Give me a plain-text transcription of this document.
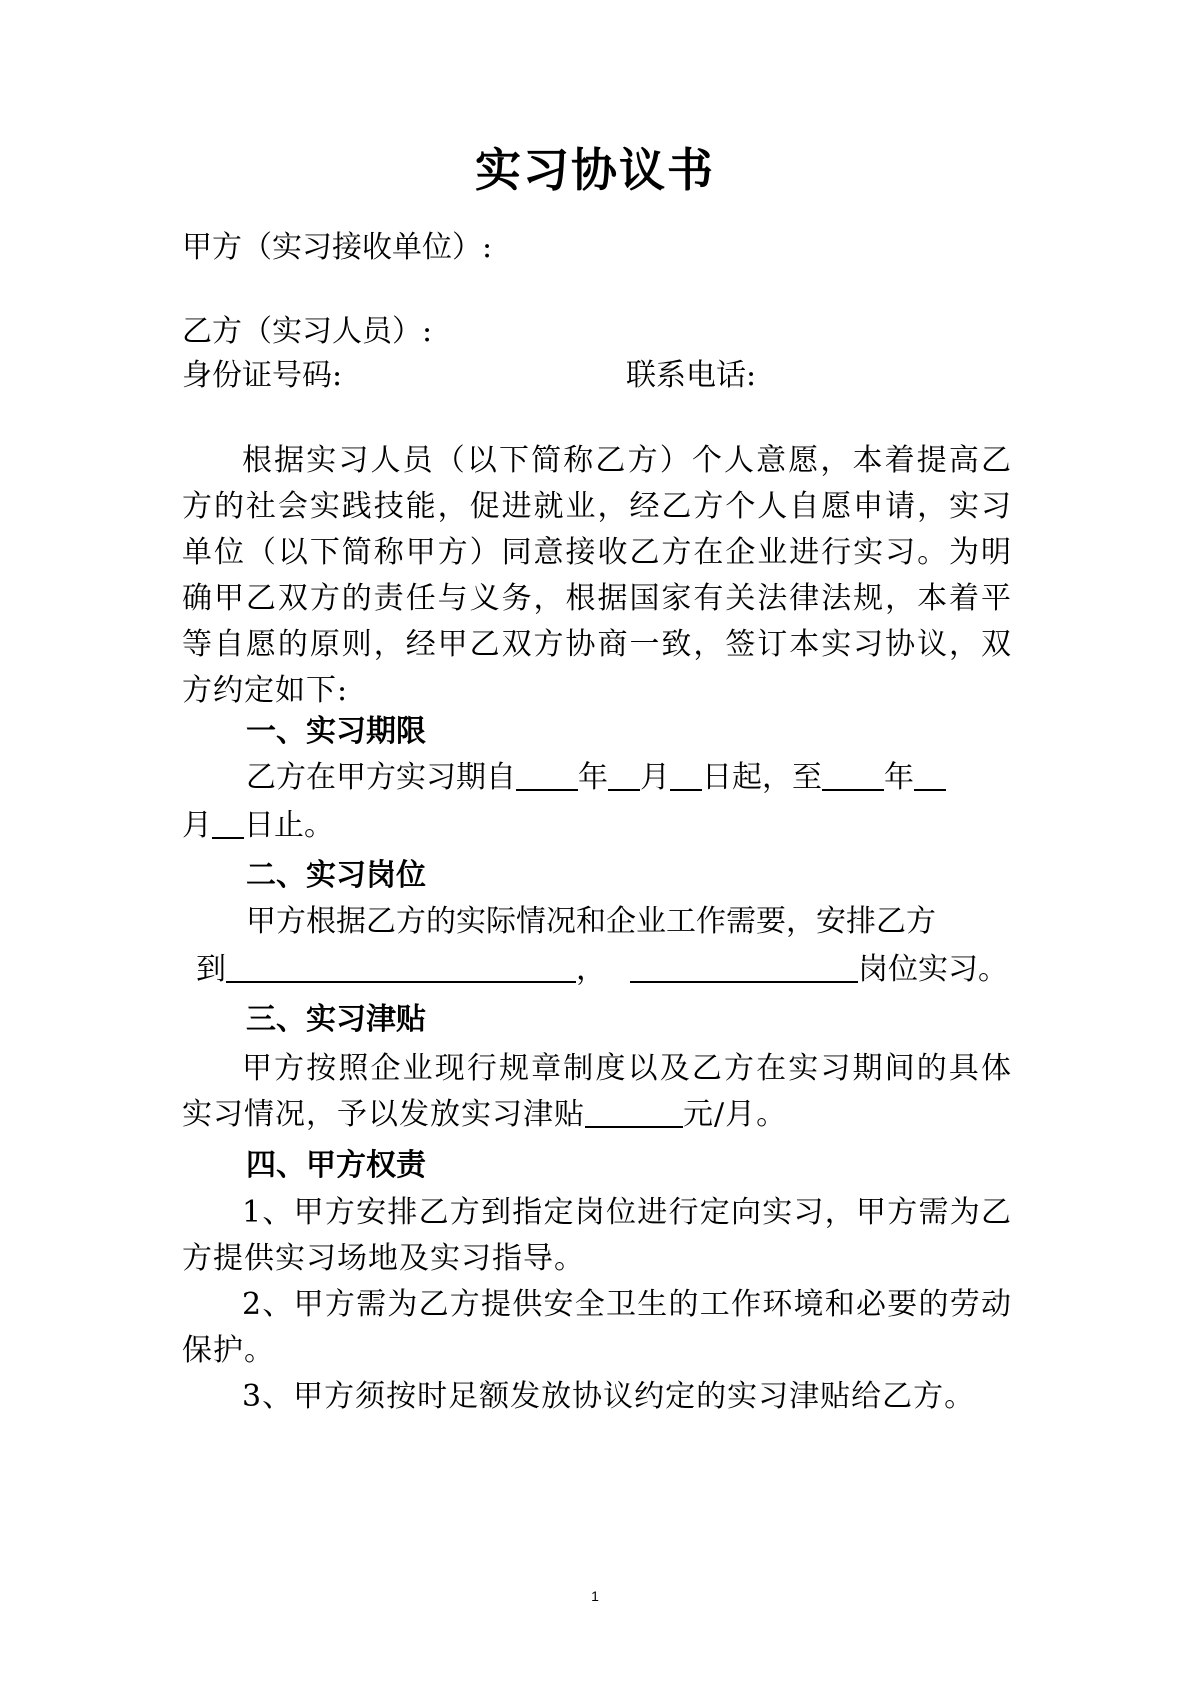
实习协议书
甲方（实习接收单位）:
乙方（实习人员）:
身份证号码:	联系电话:
根据实习人员（以下简称乙方）个人意愿，本着提高乙方的社会实践技能，促进就业，经乙方个人自愿申请，实习单位（以下简称甲方）同意接收乙方在企业进行实习。为明确甲乙双方的责任与义务，根据国家有关法律法规，本着平等自愿的原则，经甲乙双方协商一致，签订本实习协议，双方约定如下:
一、实习期限
乙方在甲方实习期自 年 月 日起，至 年
月 日止。
二、实习岗位
甲方根据乙方的实际情况和企业工作需要，安排乙方
到	，	岗位实习。
三、实习津贴
甲方按照企业现行规章制度以及乙方在实习期间的具体实习情况，予以发放实习津贴	元/月。
四、甲方权责
1、甲方安排乙方到指定岗位进行定向实习，甲方需为乙方提供实习场地及实习指导。
2、甲方需为乙方提供安全卫生的工作环境和必要的劳动保护。
3、甲方须按时足额发放协议约定的实习津贴给乙方。
1
